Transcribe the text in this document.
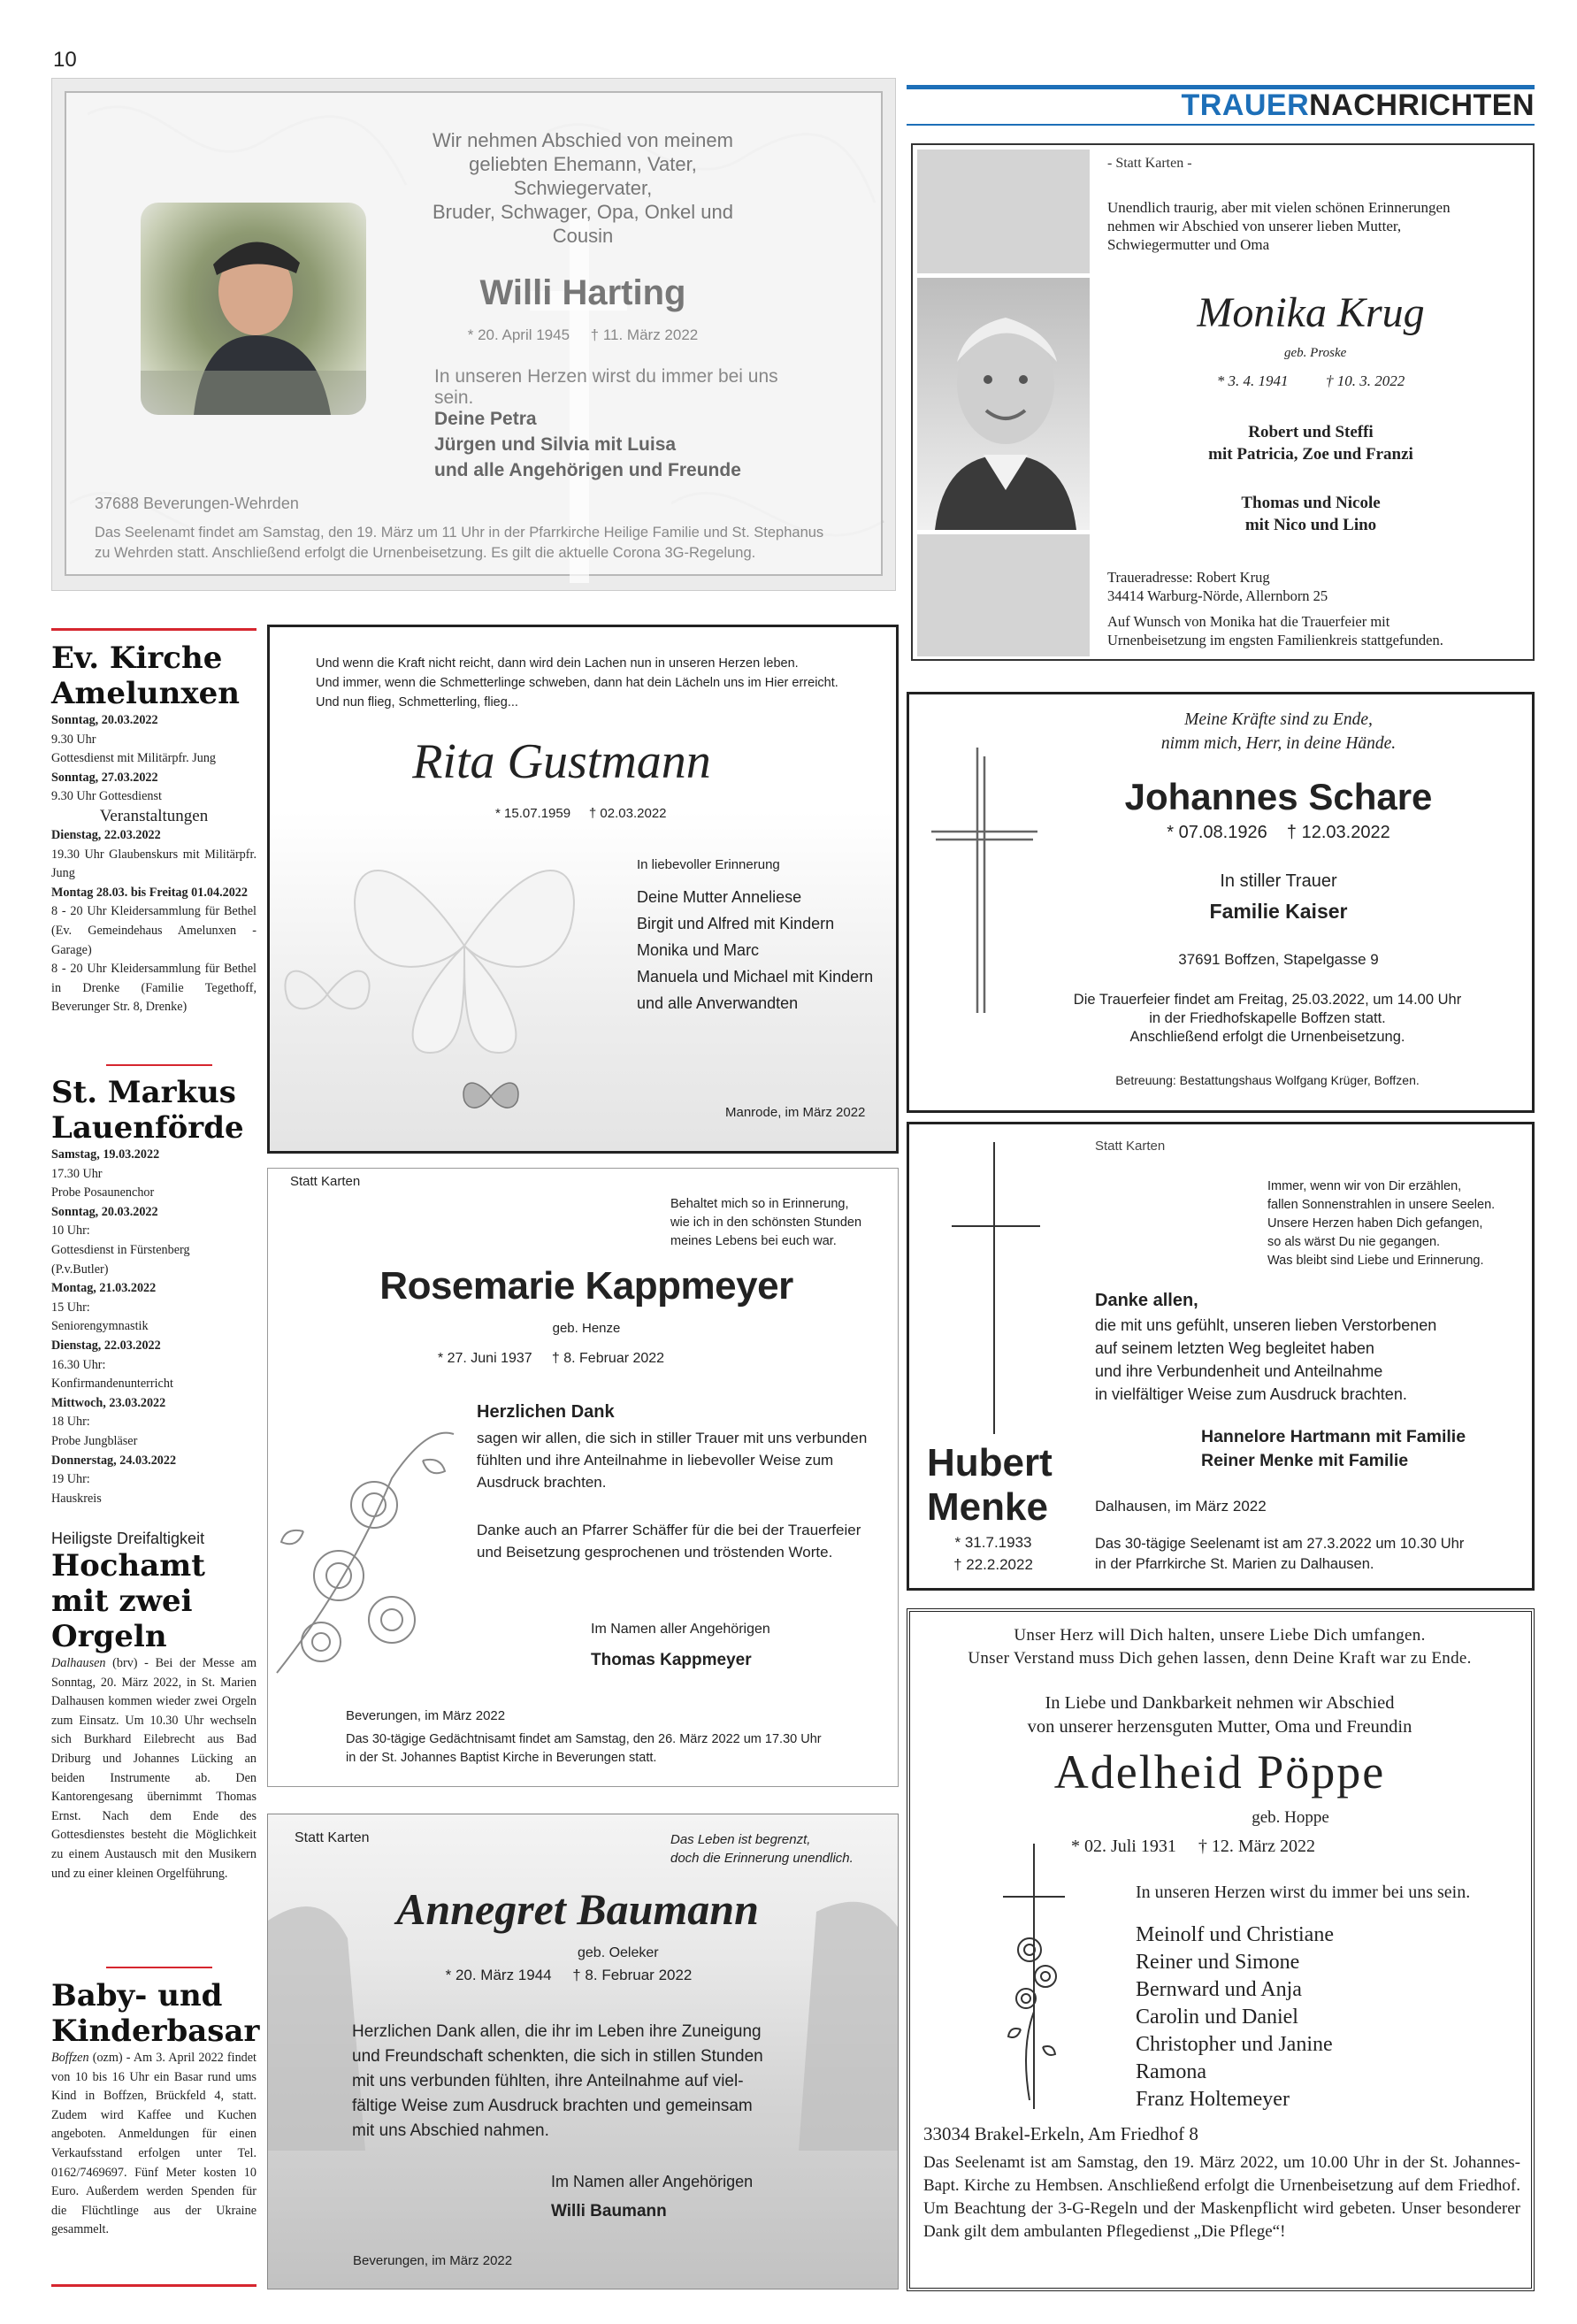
10
Wir nehmen Abschied von meinem
geliebten Ehemann, Vater, Schwiegervater,
Bruder, Schwager, Opa, Onkel und Cousin
Willi Harting
* 20. April 1945     † 11. März 2022
In unseren Herzen wirst du immer bei uns sein.
Deine Petra
Jürgen und Silvia mit Luisa
und alle Angehörigen und Freunde
37688 Beverungen-Wehrden
Das Seelenamt findet am Samstag, den 19. März um 11 Uhr in der Pfarrkirche Heilige Familie und St. Stephanus
zu Wehrden statt. Anschließend erfolgt die Urnenbeisetzung. Es gilt die aktuelle Corona 3G-Regelung.
TRAUERNACHRICHTEN
- Statt Karten -
Unendlich traurig, aber mit vielen schönen Erinnerungen
nehmen wir Abschied von unserer lieben Mutter,
Schwiegermutter und Oma
Monika Krug
geb. Proske
* 3. 4. 1941          † 10. 3. 2022
Robert und Steffi
mit Patricia, Zoe und Franzi
Thomas und Nicole
mit Nico und Lino
Traueradresse: Robert Krug
34414 Warburg-Nörde, Allernborn 25
Auf Wunsch von Monika hat die Trauerfeier mit
Urnenbeisetzung im engsten Familienkreis stattgefunden.
Ev. Kirche Amelunxen
Sonntag, 20.03.2022
9.30 Uhr
Gottesdienst mit Militärpfr. Jung
Sonntag, 27.03.2022
9.30 Uhr Gottesdienst
Veranstaltungen
Dienstag, 22.03.2022
19.30 Uhr Glaubenskurs mit Militärpfr. Jung
Montag 28.03. bis Freitag 01.04.2022
8 - 20 Uhr Kleidersammlung für Bethel (Ev. Gemeindehaus Amelunxen - Garage)
8 - 20 Uhr Kleidersammlung für Bethel in Drenke (Familie Tegethoff, Beverunger Str. 8, Drenke)
St. Markus Lauenförde
Samstag, 19.03.2022
17.30 Uhr
Probe Posaunenchor
Sonntag, 20.03.2022
10 Uhr:
Gottesdienst in Fürstenberg
(P.v.Butler)
Montag, 21.03.2022
15 Uhr:
Seniorengymnastik
Dienstag, 22.03.2022
16.30 Uhr:
Konfirmandenunterricht
Mittwoch, 23.03.2022
18 Uhr:
Probe Jungbläser
Donnerstag, 24.03.2022
19 Uhr:
Hauskreis
Heiligste Dreifaltigkeit
Hochamt mit zwei Orgeln
Dalhausen (brv) - Bei der Messe am Sonntag, 20. März 2022, in St. Marien Dalhausen kommen wieder zwei Orgeln zum Einsatz. Um 10.30 Uhr wechseln sich Burkhard Eilebrecht aus Bad Driburg und Johannes Lücking an beiden Instrumente ab. Den Kantorengesang übernimmt Thomas Ernst. Nach dem Ende des Gottesdienstes besteht die Möglichkeit zu einem Austausch mit den Musikern und zu einer kleinen Orgelführung.
Baby- und Kinderbasar
Boffzen (ozm) - Am 3. April 2022 findet von 10 bis 16 Uhr ein Basar rund ums Kind in Boffzen, Brückfeld 4, statt. Zudem wird Kaffee und Kuchen angeboten. Anmeldungen für einen Verkaufsstand erfolgen unter Tel. 0162/7469697. Fünf Meter kosten 10 Euro. Außerdem werden Spenden für die Flüchtlinge aus der Ukraine gesammelt.
Und wenn die Kraft nicht reicht, dann wird dein Lachen nun in unseren Herzen leben.
Und immer, wenn die Schmetterlinge schweben, dann hat dein Lächeln uns im Hier erreicht.
Und nun flieg, Schmetterling, flieg...
Rita Gustmann
* 15.07.1959     † 02.03.2022
In liebevoller Erinnerung
Deine Mutter Anneliese
Birgit und Alfred mit Kindern
Monika und Marc
Manuela und Michael mit Kindern
und alle Anverwandten
Manrode, im März 2022
Meine Kräfte sind zu Ende,
nimm mich, Herr, in deine Hände.
Johannes Schare
* 07.08.1926    † 12.03.2022
In stiller Trauer
Familie Kaiser
37691 Boffzen, Stapelgasse 9
Die Trauerfeier findet am Freitag, 25.03.2022, um 14.00 Uhr
in der Friedhofskapelle Boffzen statt.
Anschließend erfolgt die Urnenbeisetzung.
Betreuung: Bestattungshaus Wolfgang Krüger, Boffzen.
Statt Karten
Behaltet mich so in Erinnerung,
wie ich in den schönsten Stunden
meines Lebens bei euch war.
Rosemarie Kappmeyer
geb. Henze
* 27. Juni 1937     † 8. Februar 2022
Herzlichen Dank
sagen wir allen, die sich in stiller Trauer mit uns verbunden
fühlten und ihre Anteilnahme in liebevoller Weise zum
Ausdruck brachten.
Danke auch an Pfarrer Schäffer für die bei der Trauerfeier
und Beisetzung gesprochenen und tröstenden Worte.
Im Namen aller Angehörigen
Thomas Kappmeyer
Beverungen, im März 2022
Das 30-tägige Gedächtnisamt findet am Samstag, den 26. März 2022 um 17.30 Uhr
in der St. Johannes Baptist Kirche in Beverungen statt.
Hubert
Menke
* 31.7.1933
† 22.2.2022
Statt Karten
Immer, wenn wir von Dir erzählen,
fallen Sonnenstrahlen in unsere Seelen.
Unsere Herzen haben Dich gefangen,
so als wärst Du nie gegangen.
Was bleibt sind Liebe und Erinnerung.
Danke allen,
die mit uns gefühlt, unseren lieben Verstorbenen
auf seinem letzten Weg begleitet haben
und ihre Verbundenheit und Anteilnahme
in vielfältiger Weise zum Ausdruck brachten.
Hannelore Hartmann mit Familie
Reiner Menke mit Familie
Dalhausen, im März 2022
Das 30-tägige Seelenamt ist am 27.3.2022 um 10.30 Uhr
in der Pfarrkirche St. Marien zu Dalhausen.
Statt Karten	Das Leben ist begrenzt,
doch die Erinnerung unendlich.
Annegret Baumann
geb. Oeleker
* 20. März 1944     † 8. Februar 2022
Herzlichen Dank allen, die ihr im Leben ihre Zuneigung
und Freundschaft schenkten, die sich in stillen Stunden
mit uns verbunden fühlten, ihre Anteilnahme auf viel-
fältige Weise zum Ausdruck brachten und gemeinsam
mit uns Abschied nahmen.
Im Namen aller Angehörigen
Willi Baumann
Beverungen, im März 2022
Unser Herz will Dich halten, unsere Liebe Dich umfangen.
Unser Verstand muss Dich gehen lassen, denn Deine Kraft war zu Ende.
In Liebe und Dankbarkeit nehmen wir Abschied
von unserer herzensguten Mutter, Oma und Freundin
Adelheid Pöppe
geb. Hoppe
* 02. Juli 1931     † 12. März 2022
In unseren Herzen wirst du immer bei uns sein.
Meinolf und Christiane
Reiner und Simone
Bernward und Anja
Carolin und Daniel
Christopher und Janine
Ramona
Franz Holtemeyer
33034 Brakel-Erkeln, Am Friedhof 8
Das Seelenamt ist am Samstag, den 19. März 2022, um 10.00 Uhr in der St. Johannes-Bapt. Kirche zu Hembsen. Anschließend erfolgt die Urnenbeisetzung auf dem Friedhof. Um Beachtung der 3-G-Regeln und der Maskenpflicht wird gebeten. Unser besonderer Dank gilt dem ambulanten Pflegedienst „Die Pflege“!
